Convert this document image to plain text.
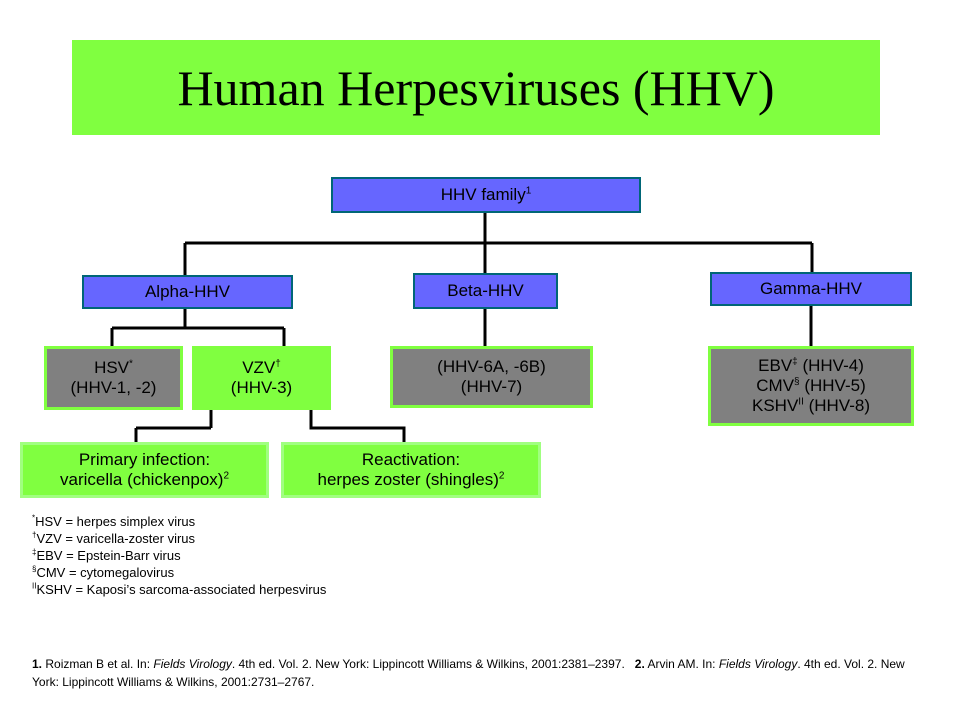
Human Herpesviruses (HHV)
HHV family$^1$
Alpha-HHV	Beta-HHV	Gamma-HHV
HSV*
(HHV-1, -2)
VZV†
(HHV-3)
(HHV-6A, -6B)
(HHV-7)
EBV‡ (HHV-4)
CMV§ (HHV-5)
$KSHV^{II}$ (HHV-8)
Primary infection:
varicella (chickenpox)$^2$
Reactivation:
herpes zoster (shingles)$^2$
*HSV = herpes simplex virus
†VZV = varicella-zoster virus
‡EBV = Epstein-Barr virus
§CMV = cytomegalovirus
$^{II}$KSHV = Kaposi’s sarcoma-associated herpesvirus
1. Roizman B et al. In: Fields Virology. 4th ed. Vol. 2. New York: Lippincott Williams & Wilkins, 2001:2381–2397. 2. Arvin AM. In: Fields Virology. 4th ed. Vol. 2. New York: Lippincott Williams & Wilkins, 2001:2731–2767.
